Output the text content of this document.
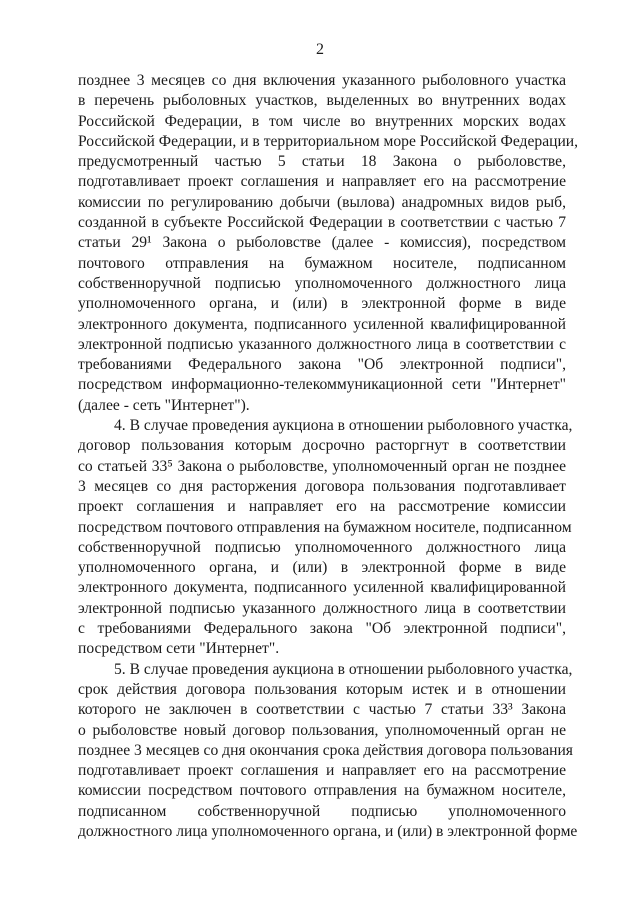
2
позднее 3 месяцев со дня включения указанного рыболовного участка
в перечень рыболовных участков, выделенных во внутренних водах
Российской Федерации, в том числе во внутренних морских водах
Российской Федерации, и в территориальном море Российской Федерации,
предусмотренный частью 5 статьи 18 Закона о рыболовстве,
подготавливает проект соглашения и направляет его на рассмотрение
комиссии по регулированию добычи (вылова) анадромных видов рыб,
созданной в субъекте Российской Федерации в соответствии с частью 7
статьи 29¹ Закона о рыболовстве (далее - комиссия), посредством
почтового отправления на бумажном носителе, подписанном
собственноручной подписью уполномоченного должностного лица
уполномоченного органа, и (или) в электронной форме в виде
электронного документа, подписанного усиленной квалифицированной
электронной подписью указанного должностного лица в соответствии с
требованиями Федерального закона "Об электронной подписи",
посредством информационно-телекоммуникационной сети "Интернет"
(далее - сеть "Интернет").
4. В случае проведения аукциона в отношении рыболовного участка,
договор пользования которым досрочно расторгнут в соответствии
со статьей 33⁵ Закона о рыболовстве, уполномоченный орган не позднее
3 месяцев со дня расторжения договора пользования подготавливает
проект соглашения и направляет его на рассмотрение комиссии
посредством почтового отправления на бумажном носителе, подписанном
собственноручной подписью уполномоченного должностного лица
уполномоченного органа, и (или) в электронной форме в виде
электронного документа, подписанного усиленной квалифицированной
электронной подписью указанного должностного лица в соответствии
с требованиями Федерального закона "Об электронной подписи",
посредством сети "Интернет".
5. В случае проведения аукциона в отношении рыболовного участка,
срок действия договора пользования которым истек и в отношении
которого не заключен в соответствии с частью 7 статьи 33³ Закона
о рыболовстве новый договор пользования, уполномоченный орган не
позднее 3 месяцев со дня окончания срока действия договора пользования
подготавливает проект соглашения и направляет его на рассмотрение
комиссии посредством почтового отправления на бумажном носителе,
подписанном собственноручной подписью уполномоченного
должностного лица уполномоченного органа, и (или) в электронной форме
